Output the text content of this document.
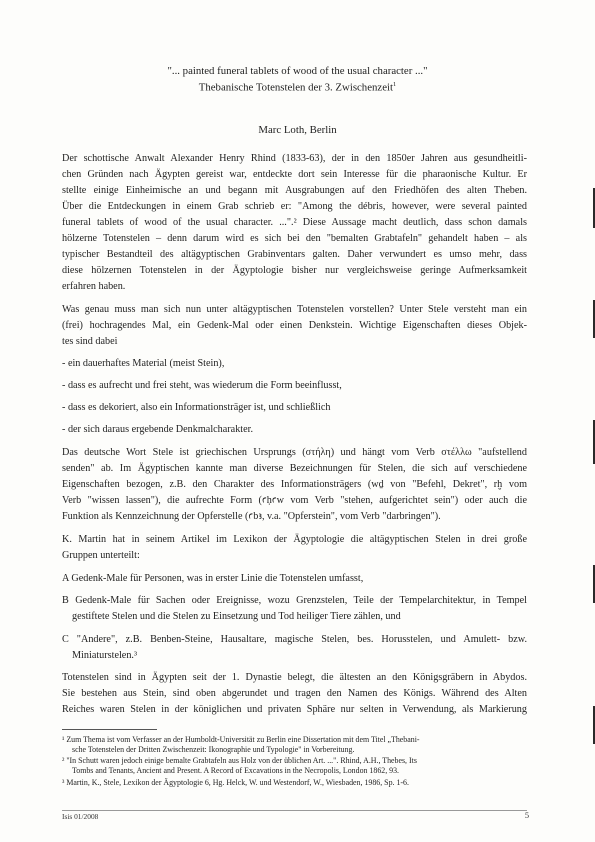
"... painted funeral tablets of wood of the usual character ..."
Thebanische Totenstelen der 3. Zwischenzeit$^1$
Marc Loth, Berlin
Der schottische Anwalt Alexander Henry Rhind (1833-63), der in den 1850er Jahren aus gesundheitli-
chen Gründen nach Ägypten gereist war, entdeckte dort sein Interesse für die pharaonische Kultur. Er
stellte einige Einheimische an und begann mit Ausgrabungen auf den Friedhöfen des alten Theben.
Über die Entdeckungen in einem Grab schrieb er: "Among the débris, however, were several painted
funeral tablets of wood of the usual character. ...".² Diese Aussage macht deutlich, dass schon damals
hölzerne Totenstelen – denn darum wird es sich bei den "bemalten Grabtafeln" gehandelt haben – als
typischer Bestandteil des altägyptischen Grabinventars galten. Daher verwundert es umso mehr, dass
diese hölzernen Totenstelen in der Ägyptologie bisher nur vergleichsweise geringe Aufmerksamkeit
erfahren haben.
Was genau muss man sich nun unter altägyptischen Totenstelen vorstellen? Unter Stele versteht man ein
(frei) hochragendes Mal, ein Gedenk-Mal oder einen Denkstein. Wichtige Eigenschaften dieses Objek-
tes sind dabei
- ein dauerhaftes Material (meist Stein),
- dass es aufrecht und frei steht, was wiederum die Form beeinflusst,
- dass es dekoriert, also ein Informationsträger ist, und schließlich
- der sich daraus ergebende Denkmalcharakter.
Das deutsche Wort Stele ist griechischen Ursprungs (στήλη) und hängt vom Verb στέλλω "aufstellend
senden" ab. Im Ägyptischen kannte man diverse Bezeichnungen für Stelen, die sich auf verschiedene
Eigenschaften bezogen, z.B. den Charakter des Informationsträgers (wḏ von "Befehl, Dekret", rḫ vom
Verb "wissen lassen"), die aufrechte Form (ꜥḥꜥw vom Verb "stehen, aufgerichtet sein") oder auch die
Funktion als Kennzeichnung der Opferstelle (ꜥbꜣ, v.a. "Opferstein", vom Verb "darbringen").
K. Martin hat in seinem Artikel im Lexikon der Ägyptologie die altägyptischen Stelen in drei große
Gruppen unterteilt:
A Gedenk-Male für Personen, was in erster Linie die Totenstelen umfasst,
B Gedenk-Male für Sachen oder Ereignisse, wozu Grenzstelen, Teile der Tempelarchitektur, in Tempel
gestiftete Stelen und die Stelen zu Einsetzung und Tod heiliger Tiere zählen, und
C "Andere", z.B. Benben-Steine, Hausaltare, magische Stelen, bes. Horusstelen, und Amulett- bzw.
Miniaturstelen.³
Totenstelen sind in Ägypten seit der 1. Dynastie belegt, die ältesten an den Königsgräbern in Abydos.
Sie bestehen aus Stein, sind oben abgerundet und tragen den Namen des Königs. Während des Alten
Reiches waren Stelen in der königlichen und privaten Sphäre nur selten in Verwendung, als Markierung
¹ Zum Thema ist vom Verfasser an der Humboldt-Universität zu Berlin eine Dissertation mit dem Titel „Thebani-
sche Totenstelen der Dritten Zwischenzeit: Ikonographie und Typologie" in Vorbereitung.
² "In Schutt waren jedoch einige bemalte Grabtafeln aus Holz von der üblichen Art. ...". Rhind, A.H., Thebes, Its
Tombs and Tenants, Ancient and Present. A Record of Excavations in the Necropolis, London 1862, 93.
³ Martin, K., Stele, Lexikon der Ägyptologie 6, Hg. Helck, W. und Westendorf, W., Wiesbaden, 1986, Sp. 1-6.
Isis 01/2008	5
